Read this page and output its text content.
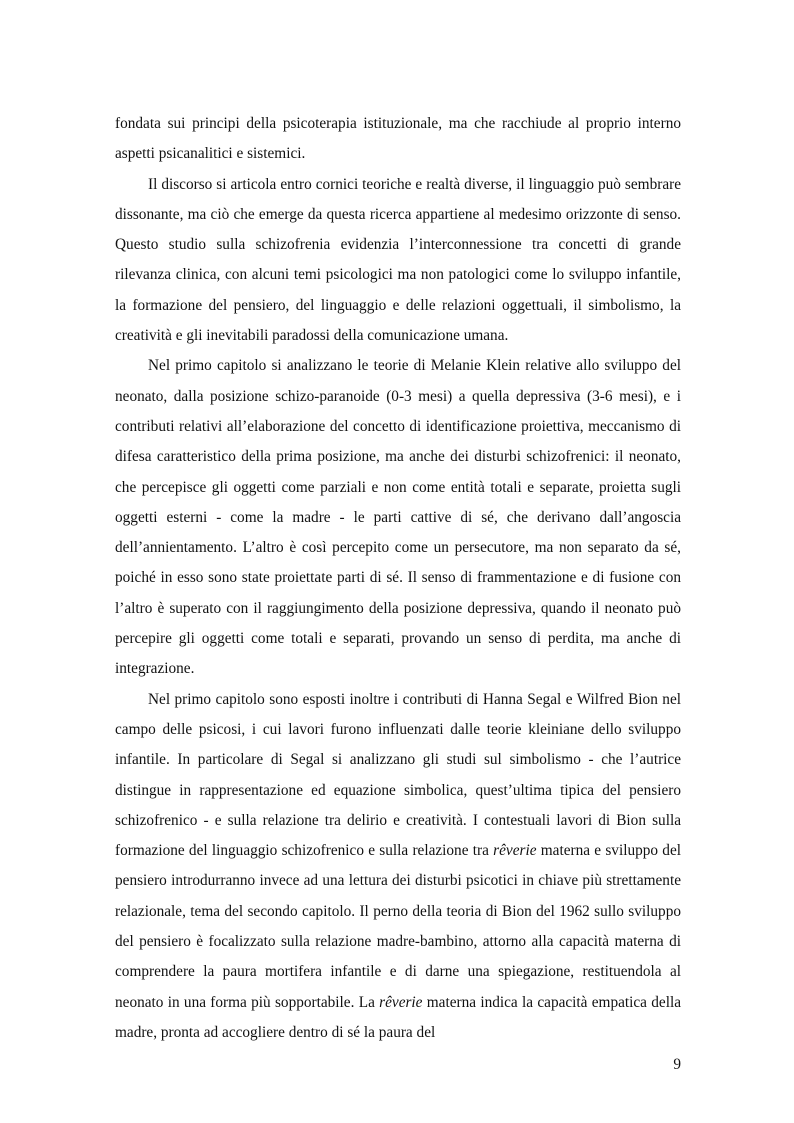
fondata sui principi della psicoterapia istituzionale, ma che racchiude al proprio interno aspetti psicanalitici e sistemici.

Il discorso si articola entro cornici teoriche e realtà diverse, il linguaggio può sembrare dissonante, ma ciò che emerge da questa ricerca appartiene al medesimo orizzonte di senso. Questo studio sulla schizofrenia evidenzia l’interconnessione tra concetti di grande rilevanza clinica, con alcuni temi psicologici ma non patologici come lo sviluppo infantile, la formazione del pensiero, del linguaggio e delle relazioni oggettuali, il simbolismo, la creatività e gli inevitabili paradossi della comunicazione umana.

Nel primo capitolo si analizzano le teorie di Melanie Klein relative allo sviluppo del neonato, dalla posizione schizo-paranoide (0-3 mesi) a quella depressiva (3-6 mesi), e i contributi relativi all’elaborazione del concetto di identificazione proiettiva, meccanismo di difesa caratteristico della prima posizione, ma anche dei disturbi schizofrenici: il neonato, che percepisce gli oggetti come parziali e non come entità totali e separate, proietta sugli oggetti esterni - come la madre - le parti cattive di sé, che derivano dall’angoscia dell’annientamento. L’altro è così percepito come un persecutore, ma non separato da sé, poiché in esso sono state proiettate parti di sé. Il senso di frammentazione e di fusione con l’altro è superato con il raggiungimento della posizione depressiva, quando il neonato può percepire gli oggetti come totali e separati, provando un senso di perdita, ma anche di integrazione.

Nel primo capitolo sono esposti inoltre i contributi di Hanna Segal e Wilfred Bion nel campo delle psicosi, i cui lavori furono influenzati dalle teorie kleiniane dello sviluppo infantile. In particolare di Segal si analizzano gli studi sul simbolismo - che l’autrice distingue in rappresentazione ed equazione simbolica, quest’ultima tipica del pensiero schizofrenico - e sulla relazione tra delirio e creatività. I contestuali lavori di Bion sulla formazione del linguaggio schizofrenico e sulla relazione tra rêverie materna e sviluppo del pensiero introdurranno invece ad una lettura dei disturbi psicotici in chiave più strettamente relazionale, tema del secondo capitolo. Il perno della teoria di Bion del 1962 sullo sviluppo del pensiero è focalizzato sulla relazione madre-bambino, attorno alla capacità materna di comprendere la paura mortifera infantile e di darne una spiegazione, restituendola al neonato in una forma più sopportabile. La rêverie materna indica la capacità empatica della madre, pronta ad accogliere dentro di sé la paura del

9
